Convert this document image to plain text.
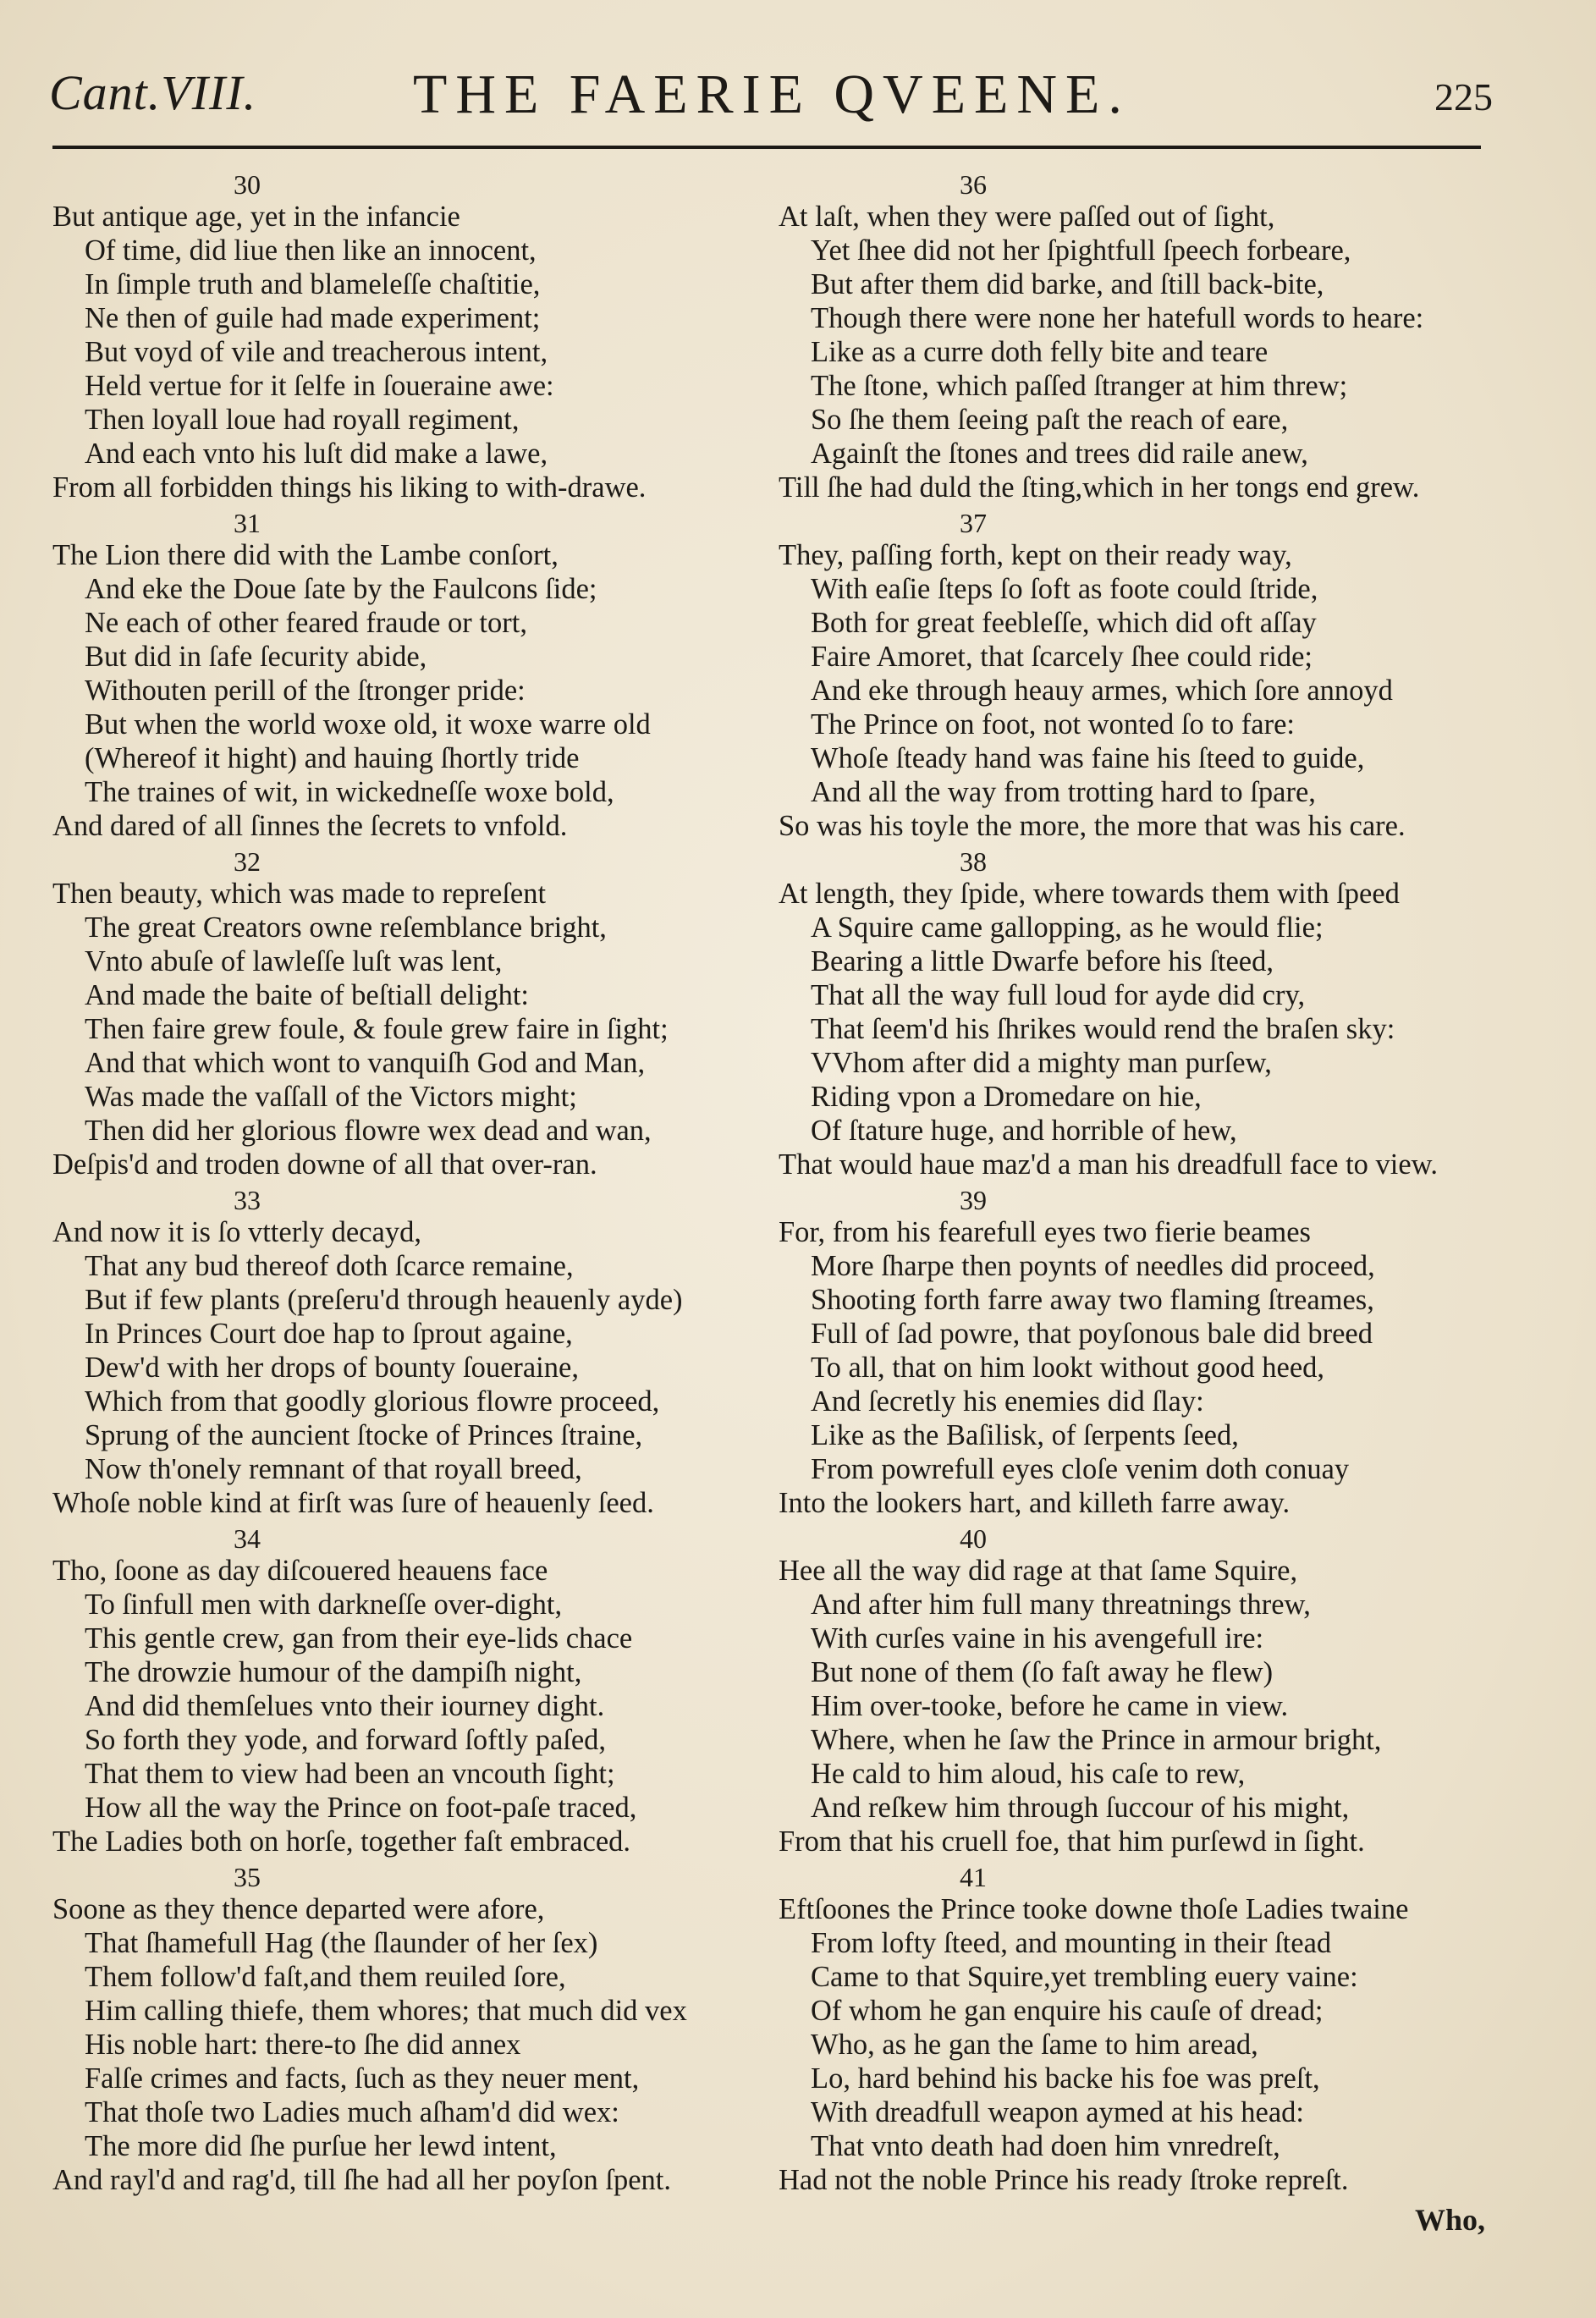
Cant.VIII.	THE FAERIE QVEENE.	225
30
But antique age, yet in the infancie
Of time, did liue then like an innocent,
In ſimple truth and blameleſſe chaſtitie,
Ne then of guile had made experiment;
But voyd of vile and treacherous intent,
Held vertue for it ſelfe in ſoueraine awe:
Then loyall loue had royall regiment,
And each vnto his luſt did make a lawe,
From all forbidden things his liking to with-drawe.
31
The Lion there did with the Lambe conſort,
And eke the Doue ſate by the Faulcons ſide;
Ne each of other feared fraude or tort,
But did in ſafe ſecurity abide,
Withouten perill of the ſtronger pride:
But when the world woxe old, it woxe warre old
(Whereof it hight) and hauing ſhortly tride
The traines of wit, in wickedneſſe woxe bold,
And dared of all ſinnes the ſecrets to vnfold.
32
Then beauty, which was made to repreſent
The great Creators owne reſemblance bright,
Vnto abuſe of lawleſſe luſt was lent,
And made the baite of beſtiall delight:
Then faire grew foule, & foule grew faire in ſight;
And that which wont to vanquiſh God and Man,
Was made the vaſſall of the Victors might;
Then did her glorious flowre wex dead and wan,
Deſpis'd and troden downe of all that over-ran.
33
And now it is ſo vtterly decayd,
That any bud thereof doth ſcarce remaine,
But if few plants (preſeru'd through heauenly ayde)
In Princes Court doe hap to ſprout againe,
Dew'd with her drops of bounty ſoueraine,
Which from that goodly glorious flowre proceed,
Sprung of the auncient ſtocke of Princes ſtraine,
Now th'onely remnant of that royall breed,
Whoſe noble kind at firſt was ſure of heauenly ſeed.
34
Tho, ſoone as day diſcouered heauens face
To ſinfull men with darkneſſe over-dight,
This gentle crew, gan from their eye-lids chace
The drowzie humour of the dampiſh night,
And did themſelues vnto their iourney dight.
So forth they yode, and forward ſoftly paſed,
That them to view had been an vncouth ſight;
How all the way the Prince on foot-paſe traced,
The Ladies both on horſe, together faſt embraced.
35
Soone as they thence departed were afore,
That ſhamefull Hag (the ſlaunder of her ſex)
Them follow'd faſt,and them reuiled ſore,
Him calling thiefe, them whores; that much did vex
His noble hart: there-to ſhe did annex
Falſe crimes and facts, ſuch as they neuer ment,
That thoſe two Ladies much aſham'd did wex:
The more did ſhe purſue her lewd intent,
And rayl'd and rag'd, till ſhe had all her poyſon ſpent.
36
At laſt, when they were paſſed out of ſight,
Yet ſhee did not her ſpightfull ſpeech forbeare,
But after them did barke, and ſtill back-bite,
Though there were none her hatefull words to heare:
Like as a curre doth felly bite and teare
The ſtone, which paſſed ſtranger at him threw;
So ſhe them ſeeing paſt the reach of eare,
Againſt the ſtones and trees did raile anew,
Till ſhe had duld the ſting,which in her tongs end grew.
37
They, paſſing forth, kept on their ready way,
With eaſie ſteps ſo ſoft as foote could ſtride,
Both for great feebleſſe, which did oft aſſay
Faire Amoret, that ſcarcely ſhee could ride;
And eke through heauy armes, which ſore annoyd
The Prince on foot, not wonted ſo to fare:
Whoſe ſteady hand was faine his ſteed to guide,
And all the way from trotting hard to ſpare,
So was his toyle the more, the more that was his care.
38
At length, they ſpide, where towards them with ſpeed
A Squire came gallopping, as he would flie;
Bearing a little Dwarfe before his ſteed,
That all the way full loud for ayde did cry,
That ſeem'd his ſhrikes would rend the braſen sky:
VVhom after did a mighty man purſew,
Riding vpon a Dromedare on hie,
Of ſtature huge, and horrible of hew,
That would haue maz'd a man his dreadfull face to view.
39
For, from his fearefull eyes two fierie beames
More ſharpe then poynts of needles did proceed,
Shooting forth farre away two flaming ſtreames,
Full of ſad powre, that poyſonous bale did breed
To all, that on him lookt without good heed,
And ſecretly his enemies did ſlay:
Like as the Baſilisk, of ſerpents ſeed,
From powrefull eyes cloſe venim doth conuay
Into the lookers hart, and killeth farre away.
40
Hee all the way did rage at that ſame Squire,
And after him full many threatnings threw,
With curſes vaine in his avengefull ire:
But none of them (ſo faſt away he flew)
Him over-tooke, before he came in view.
Where, when he ſaw the Prince in armour bright,
He cald to him aloud, his caſe to rew,
And reſkew him through ſuccour of his might,
From that his cruell foe, that him purſewd in ſight.
41
Eftſoones the Prince tooke downe thoſe Ladies twaine
From lofty ſteed, and mounting in their ſtead
Came to that Squire,yet trembling euery vaine:
Of whom he gan enquire his cauſe of dread;
Who, as he gan the ſame to him aread,
Lo, hard behind his backe his foe was preſt,
With dreadfull weapon aymed at his head:
That vnto death had doen him vnredreſt,
Had not the noble Prince his ready ſtroke repreſt.
Who,
